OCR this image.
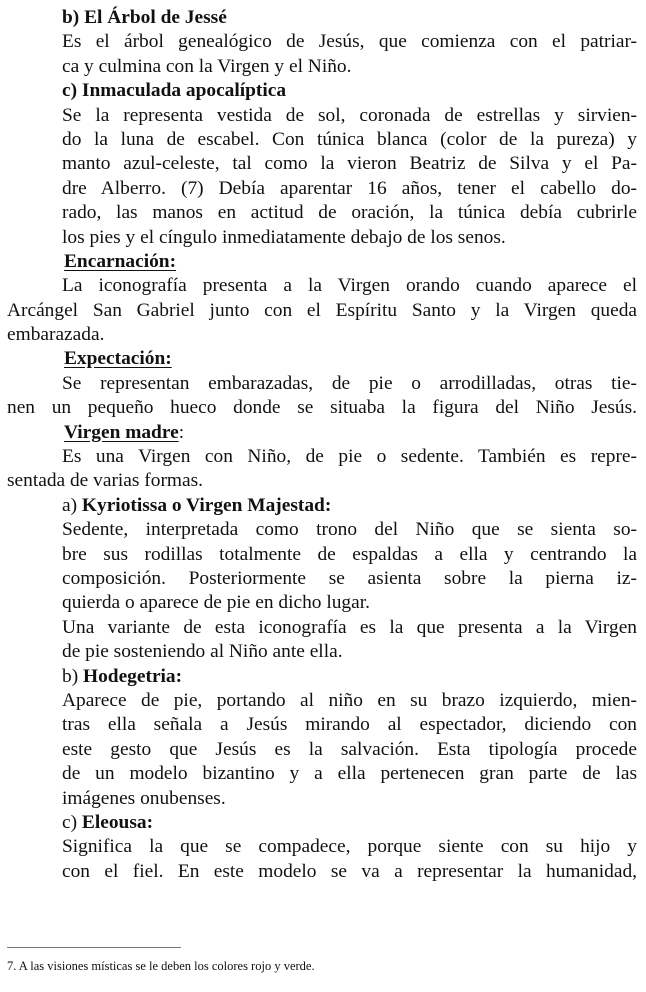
b) El Árbol de Jessé
Es el árbol genealógico de Jesús, que comienza con el patriar-
ca y culmina con la Virgen y el Niño.
c) Inmaculada apocalíptica
Se la representa vestida de sol, coronada de estrellas y sirvien-
do la luna de escabel. Con túnica blanca (color de la pureza) y
manto azul-celeste, tal como la vieron Beatriz de Silva y el Pa-
dre Alberro. (7) Debía aparentar 16 años, tener el cabello do-
rado, las manos en actitud de oración, la túnica debía cubrirle
los pies y el cíngulo inmediatamente debajo de los senos.
Encarnación:
La iconografía presenta a la Virgen orando cuando aparece el
Arcángel San Gabriel junto con el Espíritu Santo y la Virgen queda
embarazada.
Expectación:
Se representan embarazadas, de pie o arrodilladas, otras tie-
nen un pequeño hueco donde se situaba la figura del Niño Jesús.
Virgen madre:
Es una Virgen con Niño, de pie o sedente. También es repre-
sentada de varias formas.
a) Kyriotissa o Virgen Majestad:
Sedente, interpretada como trono del Niño que se sienta so-
bre sus rodillas totalmente de espaldas a ella y centrando la
composición. Posteriormente se asienta sobre la pierna iz-
quierda o aparece de pie en dicho lugar.
Una variante de esta iconografía es la que presenta a la Virgen
de pie sosteniendo al Niño ante ella.
b) Hodegetria:
Aparece de pie, portando al niño en su brazo izquierdo, mien-
tras ella señala a Jesús mirando al espectador, diciendo con
este gesto que Jesús es la salvación. Esta tipología procede
de un modelo bizantino y a ella pertenecen gran parte de las
imágenes onubenses.
c) Eleousa:
Significa la que se compadece, porque siente con su hijo y
con el fiel. En este modelo se va a representar la humanidad,
7. A las visiones místicas se le deben los colores rojo y verde.
